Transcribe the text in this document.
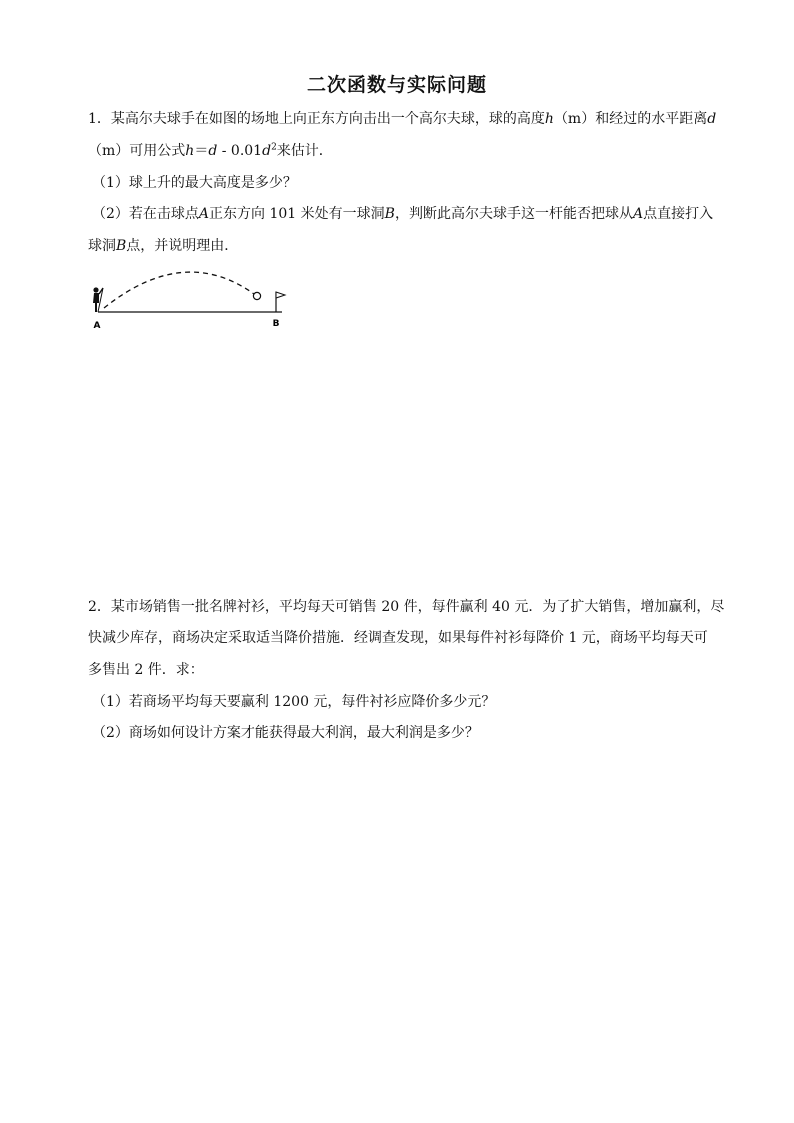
二次函数与实际问题
1．某高尔夫球手在如图的场地上向正东方向击出一个高尔夫球，球的高度h（m）和经过的水平距离d
（m）可用公式$h=d - 0.01d^2$来估计．
（1）球上升的最大高度是多少？
（2）若在击球点A正东方向 101 米处有一球洞B，判断此高尔夫球手这一杆能否把球从A点直接打入
球洞B点，并说明理由．
A	B
2．某市场销售一批名牌衬衫，平均每天可销售 20 件，每件赢利 40 元．为了扩大销售，增加赢利，尽
快减少库存，商场决定采取适当降价措施．经调查发现，如果每件衬衫每降价 1 元，商场平均每天可
多售出 2 件．求：
（1）若商场平均每天要赢利 1200 元，每件衬衫应降价多少元？
（2）商场如何设计方案才能获得最大利润，最大利润是多少？
